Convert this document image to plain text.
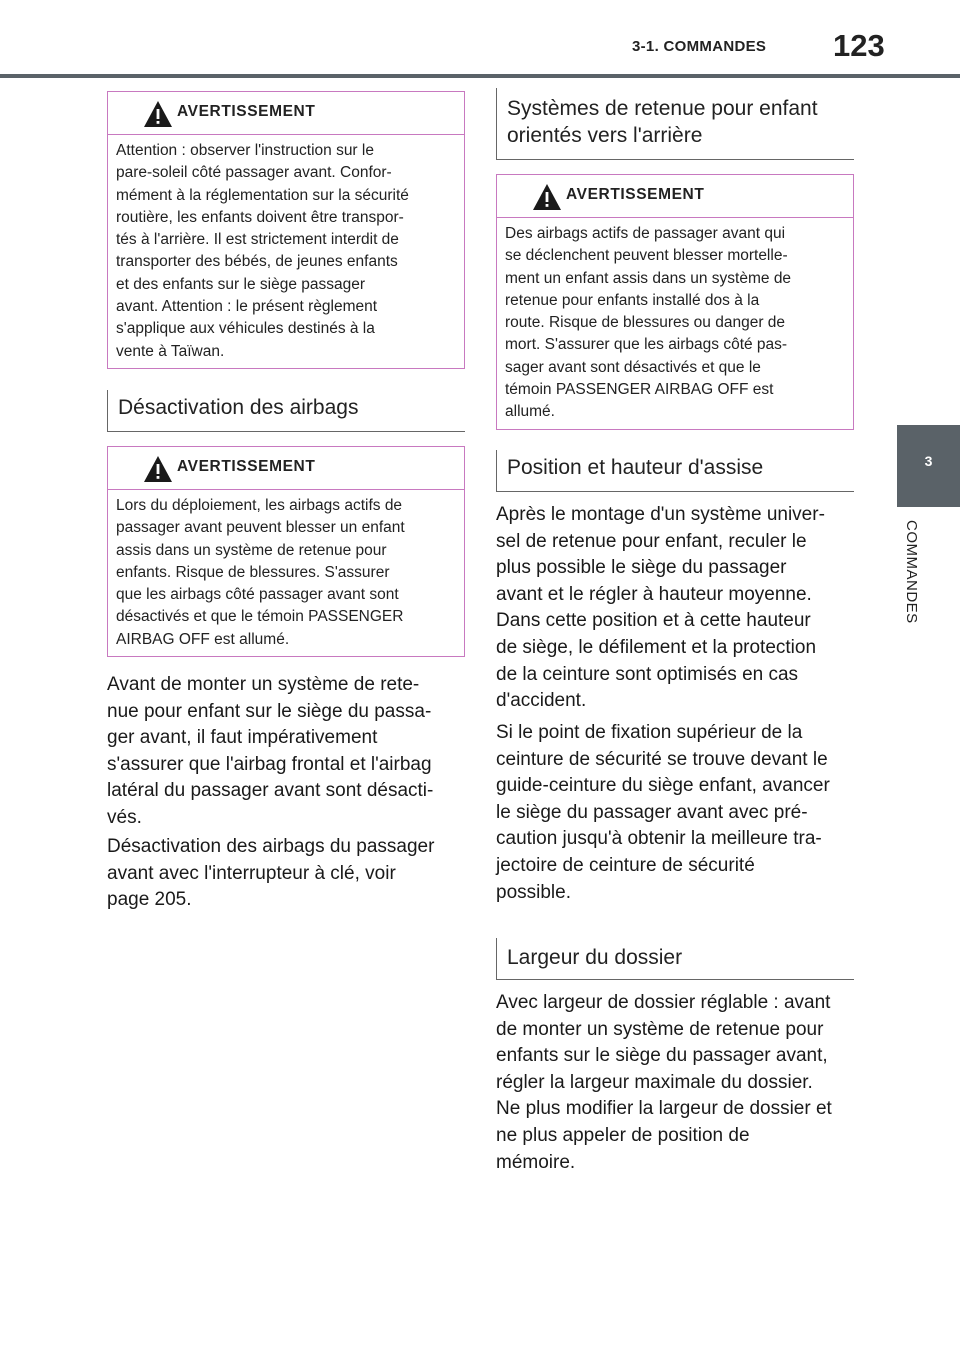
3-1. COMMANDES 123
3
COMMANDES
AVERTISSEMENT

Attention : observer l'instruction sur le

pare-soleil côté passager avant. Confor-

mément à la réglementation sur la sécurité

routière, les enfants doivent être transpor-

tés à l'arrière. Il est strictement interdit de

transporter des bébés, de jeunes enfants

et des enfants sur le siège passager

avant. Attention : le présent règlement

s'applique aux véhicules destinés à la

vente à Taïwan.

Désactivation des airbags
AVERTISSEMENT

Lors du déploiement, les airbags actifs de

passager avant peuvent blesser un enfant

assis dans un système de retenue pour

enfants. Risque de blessures. S'assurer

que les airbags côté passager avant sont

désactivés et que le témoin PASSENGER

AIRBAG OFF est allumé.

Avant de monter un système de rete-
nue pour enfant sur le siège du passa-
ger avant, il faut impérativement
s'assurer que l'airbag frontal et l'airbag
latéral du passager avant sont désacti-
vés.
Désactivation des airbags du passager
avant avec l'interrupteur à clé, voir
page 205.
Systèmes de retenue pour enfant
orientés vers l'arrière
AVERTISSEMENT

Des airbags actifs de passager avant qui

se déclenchent peuvent blesser mortelle-

ment un enfant assis dans un système de

retenue pour enfants installé dos à la

route. Risque de blessures ou danger de

mort. S'assurer que les airbags côté pas-

sager avant sont désactivés et que le

témoin PASSENGER AIRBAG OFF est

allumé.

Position et hauteur d'assise
Après le montage d'un système univer-
sel de retenue pour enfant, reculer le
plus possible le siège du passager
avant et le régler à hauteur moyenne.
Dans cette position et à cette hauteur
de siège, le défilement et la protection
de la ceinture sont optimisés en cas
d'accident.
Si le point de fixation supérieur de la
ceinture de sécurité se trouve devant le
guide-ceinture du siège enfant, avancer
le siège du passager avant avec pré-
caution jusqu'à obtenir la meilleure tra-
jectoire de ceinture de sécurité
possible.
Largeur du dossier
Avec largeur de dossier réglable : avant
de monter un système de retenue pour
enfants sur le siège du passager avant,
régler la largeur maximale du dossier.
Ne plus modifier la largeur de dossier et
ne plus appeler de position de
mémoire.
